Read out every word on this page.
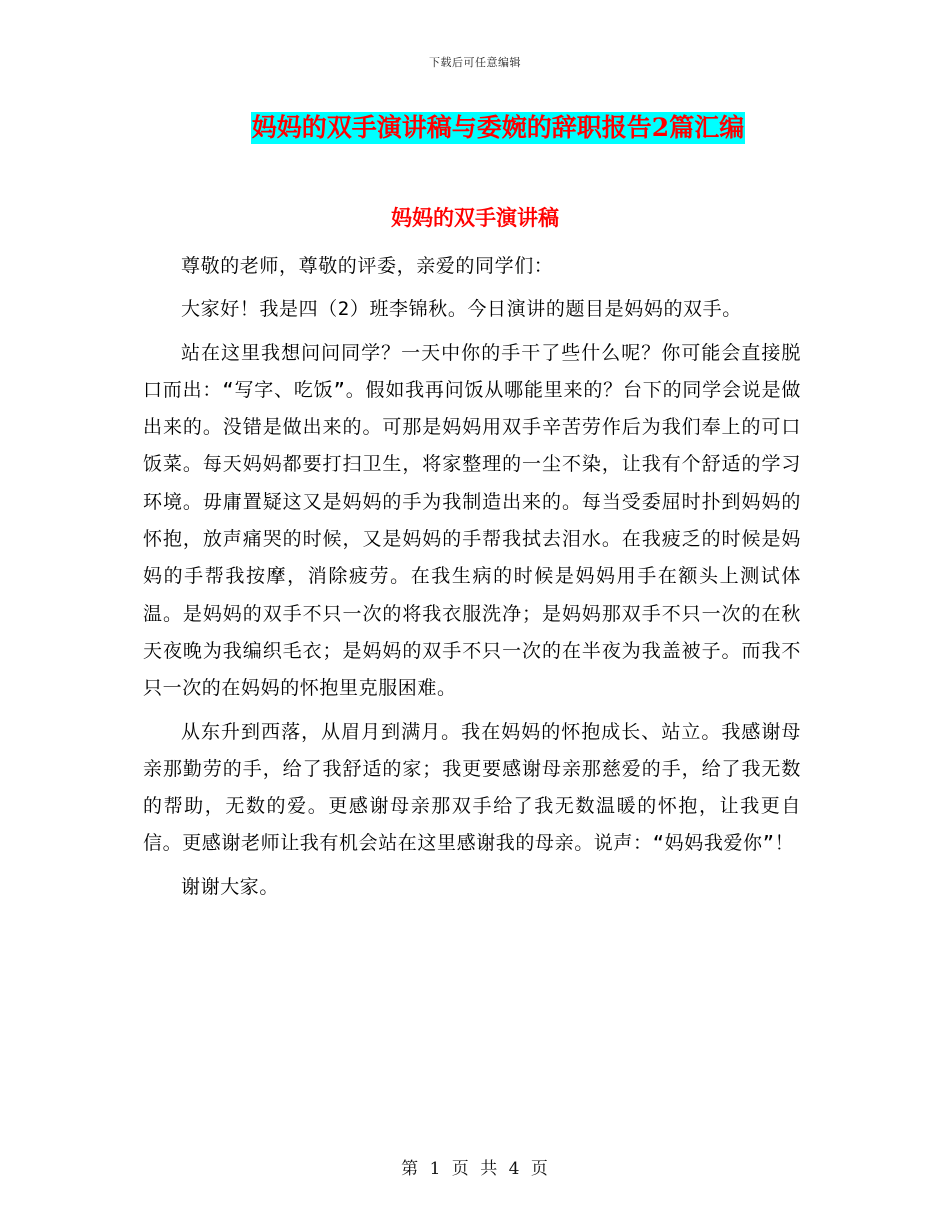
下载后可任意编辑
妈妈的双手演讲稿与委婉的辞职报告2篇汇编
妈妈的双手演讲稿

尊敬的老师，尊敬的评委，亲爱的同学们：

大家好！我是四（2）班李锦秋。今日演讲的题目是妈妈的双手。

站在这里我想问问同学？一天中你的手干了些什么呢？你可能会直接脱口而出：“写字、吃饭”。假如我再问饭从哪能里来的？台下的同学会说是做出来的。没错是做出来的。可那是妈妈用双手辛苦劳作后为我们奉上的可口饭菜。每天妈妈都要打扫卫生，将家整理的一尘不染，让我有个舒适的学习环境。毋庸置疑这又是妈妈的手为我制造出来的。每当受委屈时扑到妈妈的怀抱，放声痛哭的时候，又是妈妈的手帮我拭去泪水。在我疲乏的时候是妈妈的手帮我按摩，消除疲劳。在我生病的时候是妈妈用手在额头上测试体温。是妈妈的双手不只一次的将我衣服洗净；是妈妈那双手不只一次的在秋天夜晚为我编织毛衣；是妈妈的双手不只一次的在半夜为我盖被子。而我不只一次的在妈妈的怀抱里克服困难。

从东升到西落，从眉月到满月。我在妈妈的怀抱成长、站立。我感谢母亲那勤劳的手，给了我舒适的家；我更要感谢母亲那慈爱的手，给了我无数的帮助，无数的爱。更感谢母亲那双手给了我无数温暖的怀抱，让我更自信。更感谢老师让我有机会站在这里感谢我的母亲。说声：“妈妈我爱你”！

谢谢大家。

第 1 页 共 4 页
